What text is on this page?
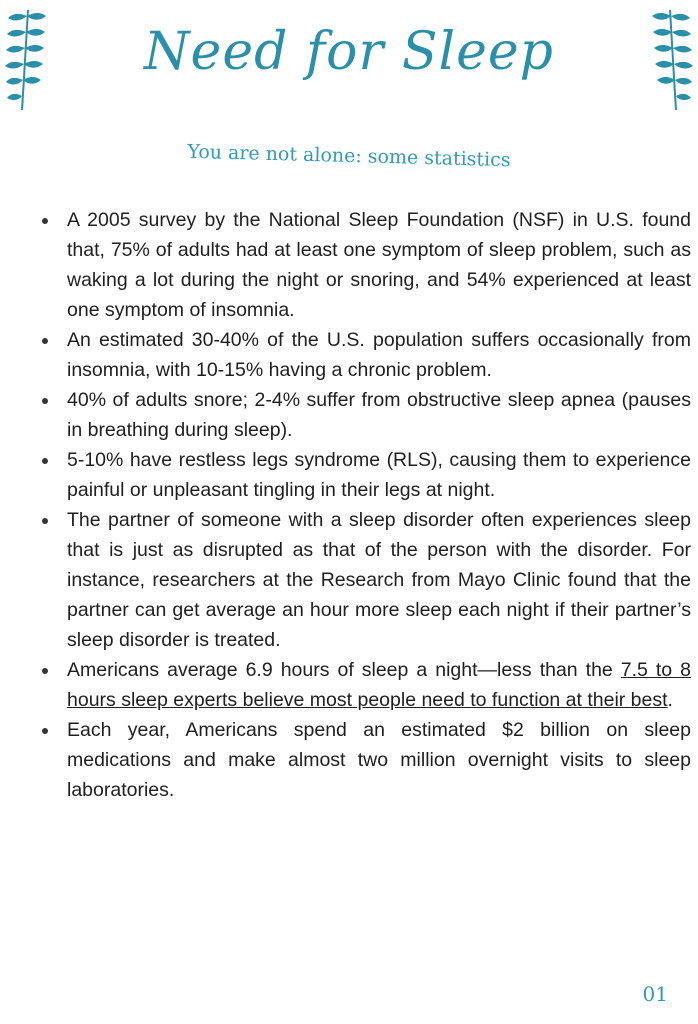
Need for Sleep
You are not alone: some statistics
A 2005 survey by the National Sleep Foundation (NSF) in U.S. found that, 75% of adults had at least one symptom of sleep problem, such as waking a lot during the night or snoring, and 54% experienced at least one symptom of insomnia.
An estimated 30-40% of the U.S. population suffers occasionally from insomnia, with 10-15% having a chronic problem.
40% of adults snore; 2-4% suffer from obstructive sleep apnea (pauses in breathing during sleep).
5-10% have restless legs syndrome (RLS), causing them to experience painful or unpleasant tingling in their legs at night.
The partner of someone with a sleep disorder often experiences sleep that is just as disrupted as that of the person with the disorder. For instance, researchers at the Research from Mayo Clinic found that the partner can get average an hour more sleep each night if their partner’s sleep disorder is treated.
Americans average 6.9 hours of sleep a night—less than the 7.5 to 8 hours sleep experts believe most people need to function at their best.
Each year, Americans spend an estimated $2 billion on sleep medications and make almost two million overnight visits to sleep laboratories.
01
